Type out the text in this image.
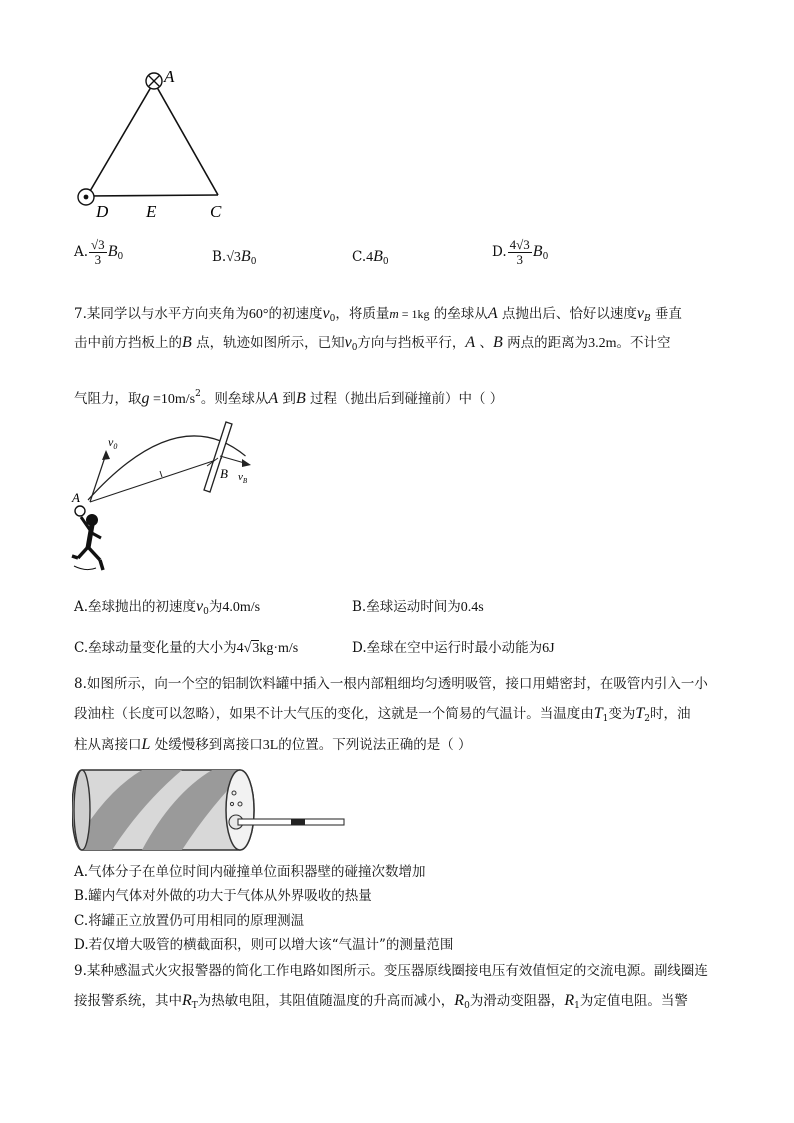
A
D E	C
A. $\frac{√3}{3} B_0$	$B.√3B_0$	$C.4B_0$
D. $\frac{4√3}{3} B_0$
7.某同学以与水平方向夹角为60°的初速度$v_0$，将质量m = 1kg 的垒球从A 点抛出后、恰好以速度$v_B$ 垂直
击中前方挡板上的B 点，轨迹如图所示，已知$v_0$方向与挡板平行，A 、B 两点的距离为3.2m。不计空
气阻力，取$g =10m/s^2$。则垒球从A 到B 过程（抛出后到碰撞前）中（ ）
$v_0$
B $v_B$
A
A.垒球抛出的初速度$v_0$为4.0m/s	B.垒球运动时间为0.4s
C.垒球动量变化量的大小为4√3kg·m/s	D.垒球在空中运行时最小动能为6J
8.如图所示，向一个空的铝制饮料罐中插入一根内部粗细均匀透明吸管，接口用蜡密封，在吸管内引入一小
段油柱（长度可以忽略），如果不计大气压的变化，这就是一个简易的气温计。当温度由$T_1$变为$T_2$时，油
柱从离接口L 处缓慢移到离接口3L的位置。下列说法正确的是（ ）
A.气体分子在单位时间内碰撞单位面积器壁的碰撞次数增加
B.罐内气体对外做的功大于气体从外界吸收的热量
C.将罐正立放置仍可用相同的原理测温
D.若仅增大吸管的横截面积，则可以增大该“气温计”的测量范围
9.某种感温式火灾报警器的简化工作电路如图所示。变压器原线圈接电压有效值恒定的交流电源。副线圈连
接报警系统，其中$R_T$为热敏电阻，其阻值随温度的升高而减小，$R_0$为滑动变阻器，$R_1$为定值电阻。当警
